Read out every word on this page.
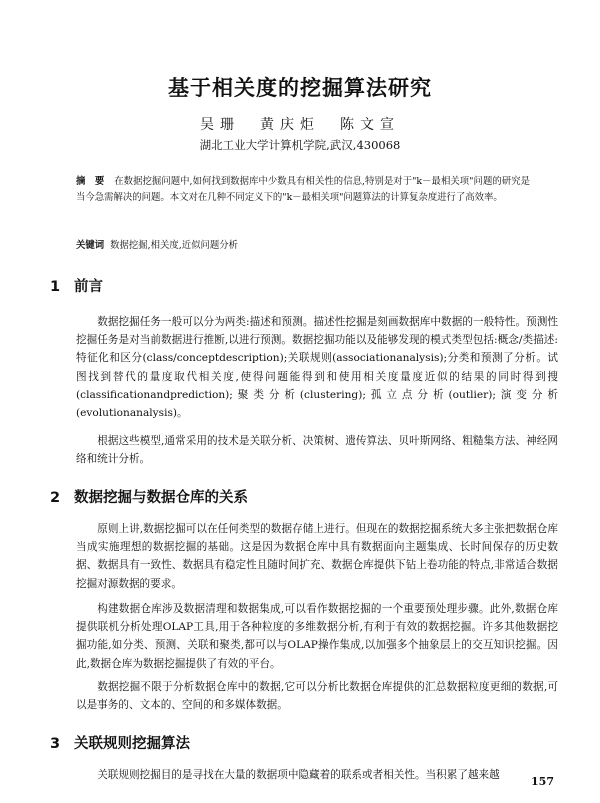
基于相关度的挖掘算法研究
吴珊　黄庆炬　陈文宣
湖北工业大学计算机学院,武汉,430068
摘　要 在数据挖掘问题中,如何找到数据库中少数具有相关性的信息,特别是对于"k－最相关项"问题的研究是当今急需解决的问题。本文对在几种不同定义下的"k－最相关项"问题算法的计算复杂度进行了高效率。
关键词 数据挖掘,相关度,近似问题分析
1 前言
数据挖掘任务一般可以分为两类:描述和预测。描述性挖掘是刻画数据库中数据的一般特性。预测性挖掘任务是对当前数据进行推断,以进行预测。数据挖掘功能以及能够发现的模式类型包括:概念/类描述:特征化和区分(class/conceptdescription);关联规则(associationanalysis);分类和预测了分析。试图找到替代的量度取代相关度,使得问题能得到和使用相关度量度近似的结果的同时得到搜(classificationandprediction);聚类分析(clustering);孤立点分析(outlier);演变分析(evolutionanalysis)。
根据这些模型,通常采用的技术是关联分析、决策树、遗传算法、贝叶斯网络、粗糙集方法、神经网络和统计分析。
2 数据挖掘与数据仓库的关系
原则上讲,数据挖掘可以在任何类型的数据存储上进行。但现在的数据挖掘系统大多主张把数据仓库当成实施理想的数据挖掘的基础。这是因为数据仓库中具有数据面向主题集成、长时间保存的历史数据、数据具有一致性、数据具有稳定性且随时间扩充、数据仓库提供下钻上卷功能的特点,非常适合数据挖掘对源数据的要求。
构建数据仓库涉及数据清理和数据集成,可以看作数据挖掘的一个重要预处理步骤。此外,数据仓库提供联机分析处理OLAP工具,用于各种粒度的多维数据分析,有利于有效的数据挖掘。许多其他数据挖掘功能,如分类、预测、关联和聚类,都可以与OLAP操作集成,以加强多个抽象层上的交互知识挖掘。因此,数据仓库为数据挖掘提供了有效的平台。
数据挖掘不限于分析数据仓库中的数据,它可以分析比数据仓库提供的汇总数据粒度更细的数据,可以是事务的、文本的、空间的和多媒体数据。
3 关联规则挖掘算法
关联规则挖掘目的是寻找在大量的数据项中隐藏着的联系或者相关性。当积累了越来越	157
